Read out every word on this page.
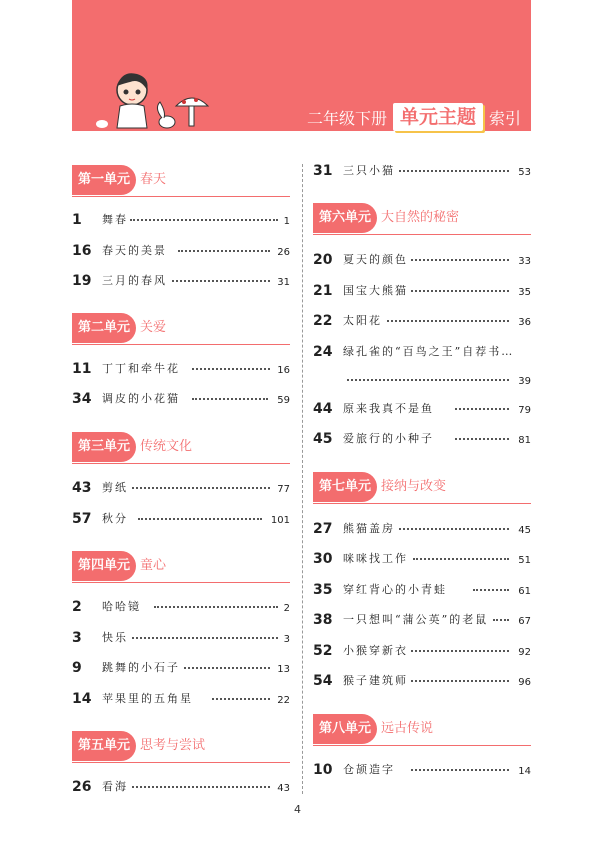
二年级下册 单元主题 索引
第一单元 春天
1	舞春	1
16 春天的美景	26
19 三月的春风	31
第二单元 关爱
11 丁丁和牵牛花	16
34 调皮的小花猫	59
第三单元 传统文化
43 剪纸	77
57 秋分	101
第四单元 童心
2	哈哈镜	2
3	快乐	3
9	跳舞的小石子	13
14 苹果里的五角星	22
第五单元 思考与尝试
26 看海	43
31 三只小猫	53
第六单元 大自然的秘密
20 夏天的颜色	33
21 国宝大熊猫	35
22 太阳花	36
24 绿孔雀的“百鸟之王”自荐书…
39
44 原来我真不是鱼	79
45 爱旅行的小种子	81
第七单元 接纳与改变
27 熊猫盖房	45
30 咪咪找工作	51
35 穿红背心的小青蛙	61
38 一只想叫“蒲公英”的老鼠	67
52 小猴穿新衣	92
54 猴子建筑师	96
第八单元 远古传说
10 仓颉造字	14
4
